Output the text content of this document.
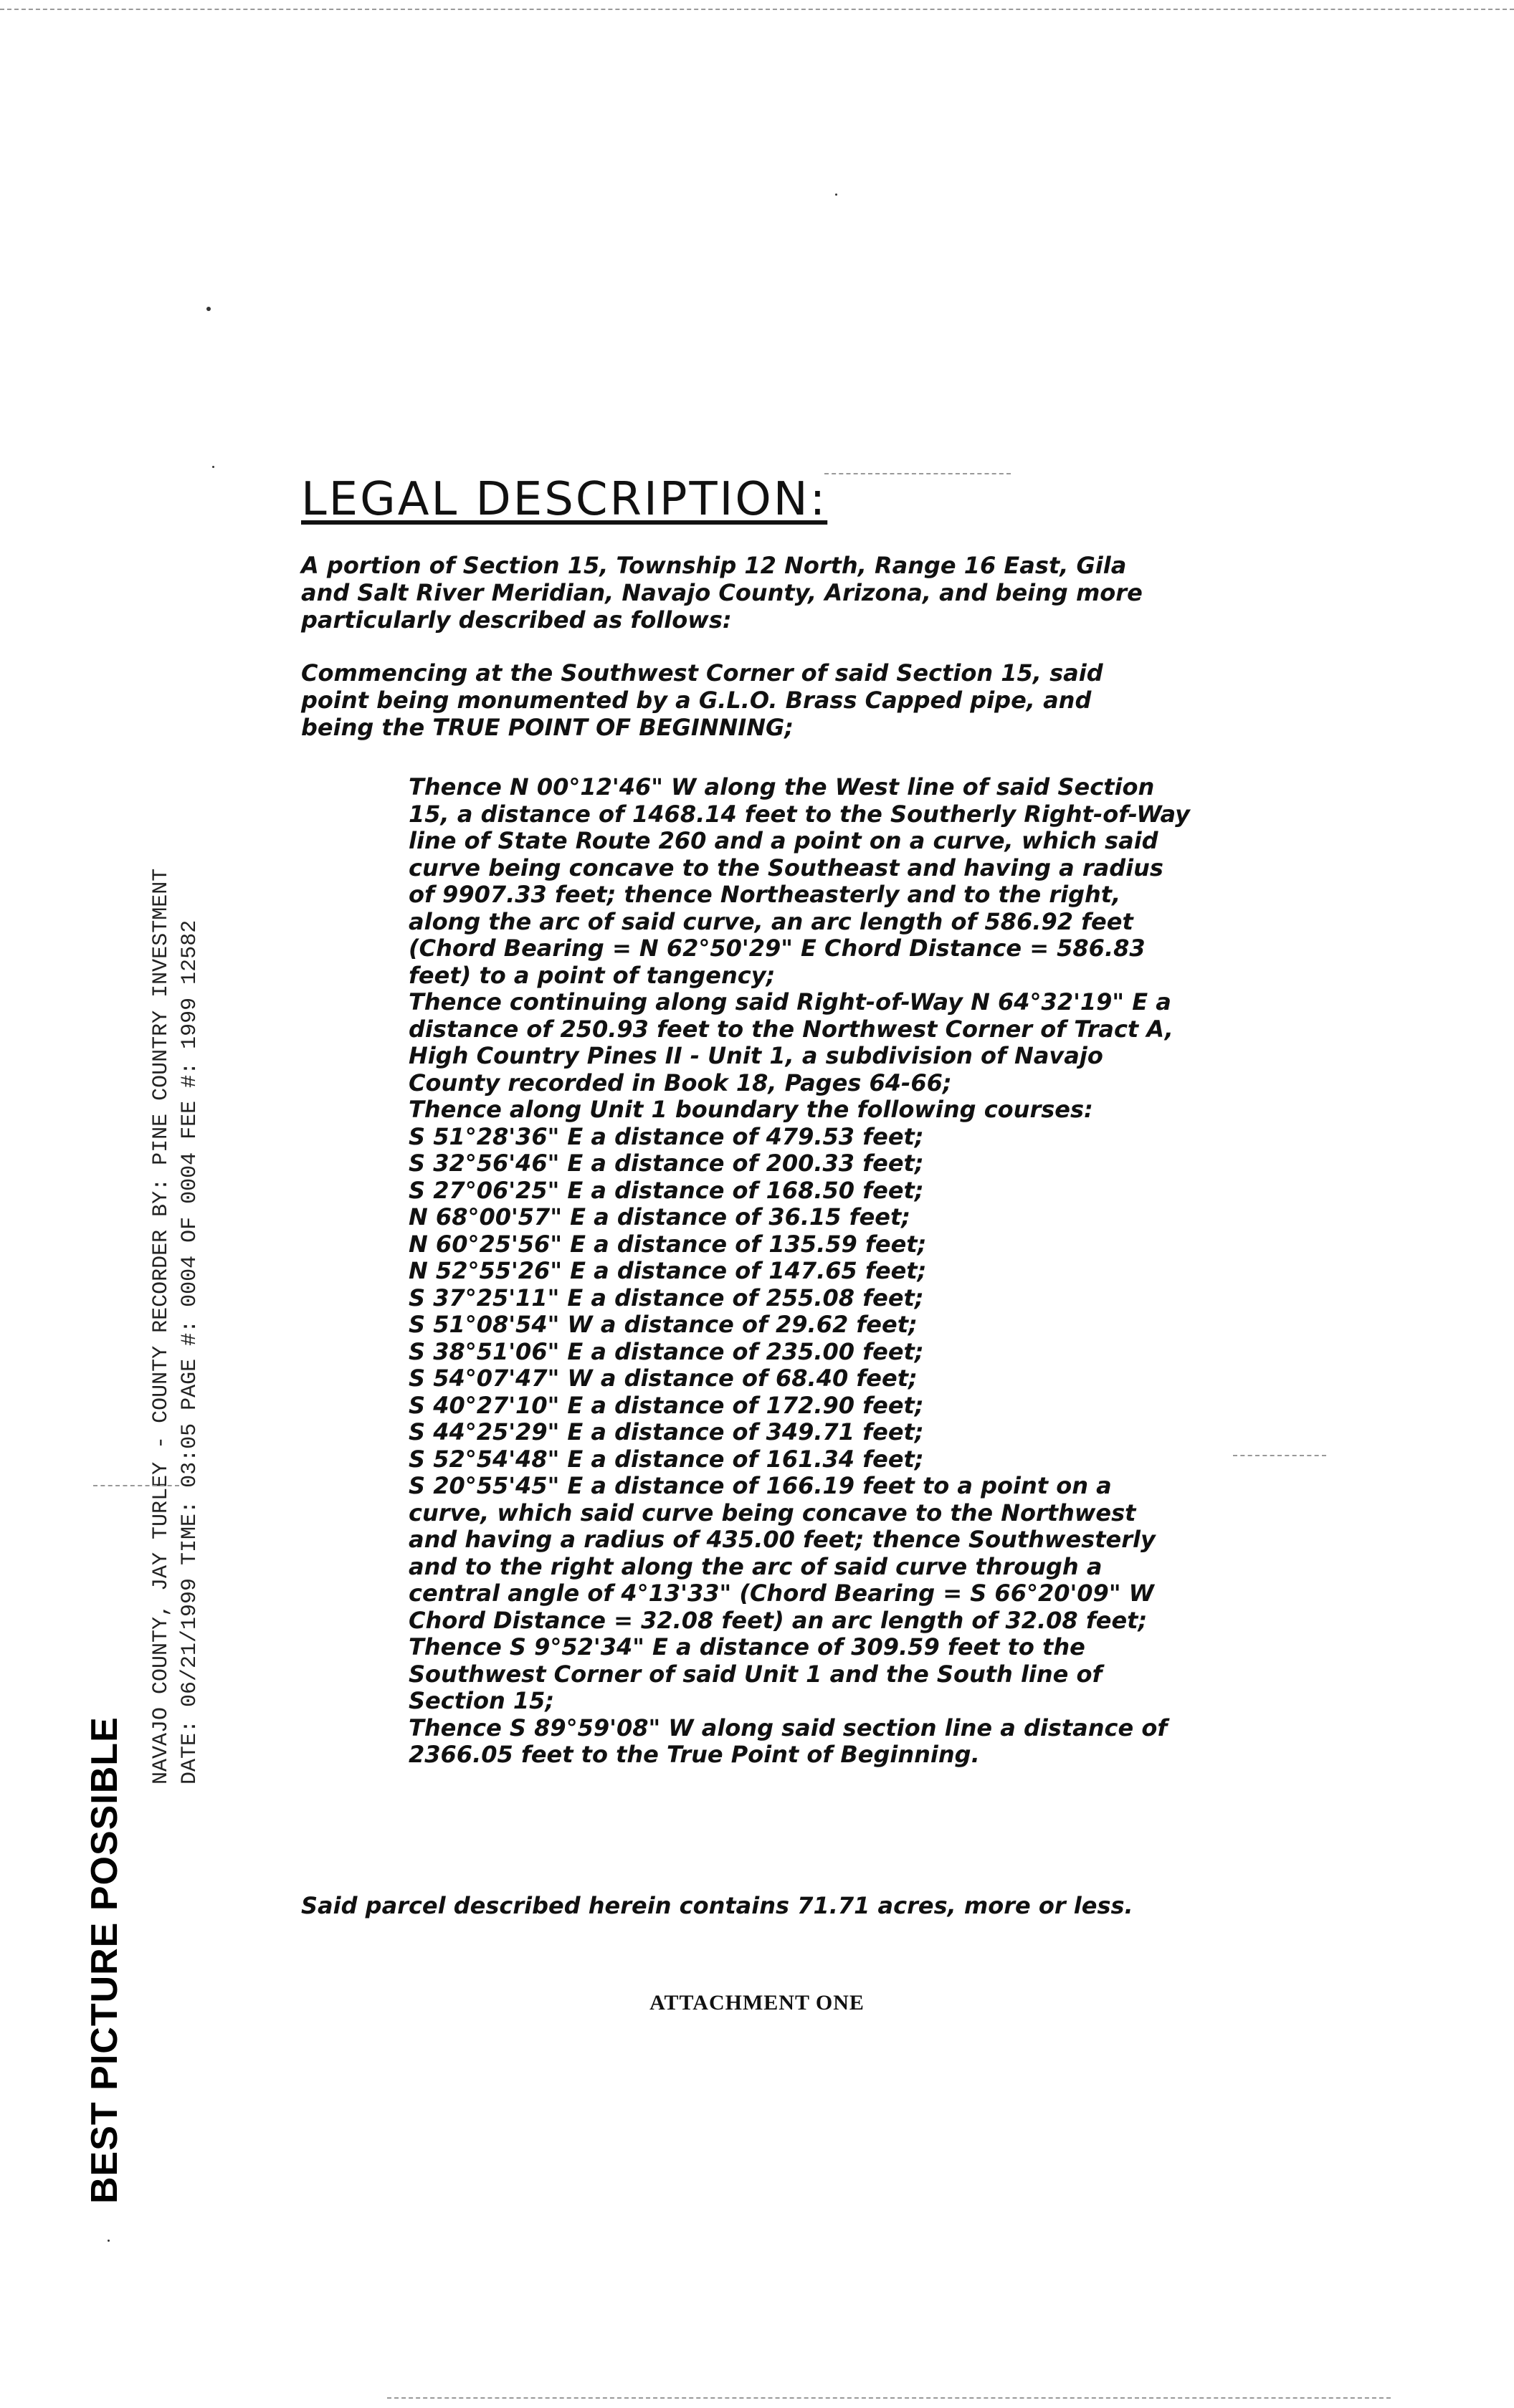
LEGAL DESCRIPTION:

A portion of Section 15, Township 12 North, Range 16 East, Gila and Salt River Meridian, Navajo County, Arizona, and being more particularly described as follows:

Commencing at the Southwest Corner of said Section 15, said point being monumented by a G.L.O. Brass Capped pipe, and being the TRUE POINT OF BEGINNING;

Thence N 00°12'46" W along the West line of said Section 15, a distance of 1468.14 feet to the Southerly Right-of-Way line of State Route 260 and a point on a curve, which said curve being concave to the Southeast and having a radius of 9907.33 feet; thence Northeasterly and to the right, along the arc of said curve, an arc length of 586.92 feet (Chord Bearing = N 62°50'29" E Chord Distance = 586.83 feet) to a point of tangency;

Thence continuing along said Right-of-Way N 64°32'19" E a distance of 250.93 feet to the Northwest Corner of Tract A, High Country Pines II - Unit 1, a subdivision of Navajo County recorded in Book 18, Pages 64-66;

Thence along Unit 1 boundary the following courses:

S 51°28'36" E a distance of 479.53 feet;

S 32°56'46" E a distance of 200.33 feet;

S 27°06'25" E a distance of 168.50 feet;

N 68°00'57" E a distance of 36.15 feet;

N 60°25'56" E a distance of 135.59 feet;

N 52°55'26" E a distance of 147.65 feet;

S 37°25'11" E a distance of 255.08 feet;

S 51°08'54" W a distance of 29.62 feet;

S 38°51'06" E a distance of 235.00 feet;

S 54°07'47" W a distance of 68.40 feet;

S 40°27'10" E a distance of 172.90 feet;

S 44°25'29" E a distance of 349.71 feet;

S 52°54'48" E a distance of 161.34 feet;

S 20°55'45" E a distance of 166.19 feet to a point on a curve, which said curve being concave to the Northwest and having a radius of 435.00 feet; thence Southwesterly and to the right along the arc of said curve through a central angle of 4°13'33" (Chord Bearing = S 66°20'09" W Chord Distance = 32.08 feet) an arc length of 32.08 feet;

Thence S 9°52'34" E a distance of 309.59 feet to the Southwest Corner of said Unit 1 and the South line of Section 15;

Thence S 89°59'08" W along said section line a distance of 2366.05 feet to the True Point of Beginning.

Said parcel described herein contains 71.71 acres, more or less.

ATTACHMENT ONE
NAVAJO COUNTY, JAY TURLEY - COUNTY RECORDER BY: PINE COUNTRY INVESTMENT DATE: 06/21/1999 TIME: 03:05 PAGE #: 0004 OF 0004 FEE #: 1999 12582
BEST PICTURE POSSIBLE
